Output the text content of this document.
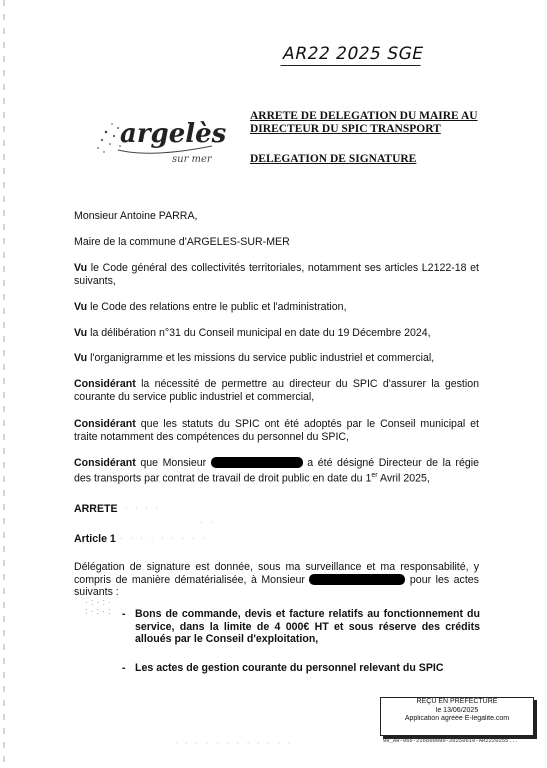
AR22 2025 SGE
argelès
sur mer
ARRETE DE DELEGATION DU MAIRE AU DIRECTEUR DU SPIC TRANSPORT
DELEGATION DE SIGNATURE
Monsieur Antoine PARRA,
Maire de la commune d'ARGELES-SUR-MER
Vu le Code général des collectivités territoriales, notamment ses articles L2122-18 et suivants,
Vu le Code des relations entre le public et l'administration,
Vu la délibération n°31 du Conseil municipal en date du 19 Décembre 2024,
Vu l'organigramme et les missions du service public industriel et commercial,
Considérant la nécessité de permettre au directeur du SPIC d'assurer la gestion courante du service public industriel et commercial,
Considérant que les statuts du SPIC ont été adoptés par le Conseil municipal et traite notamment des compétences du personnel du SPIC,
Considérant que Monsieur	a été désigné Directeur de la régie des transports par contrat de travail de droit public en date du 1er Avril 2025,
ARRETE	· · · ·
· ·
Article 1 · · · · · · · · ·
Délégation de signature est donnée, sous ma surveillance et ma responsabilité, y compris de manière dématérialisée, à Monsieur	pour les actes suivants :
·:·:·
:·:·: - Bons de commande, devis et facture relatifs au fonctionnement du service, dans la limite de 4 000€ HT et sous réserve des crédits alloués par le Conseil d'exploitation,
- Les actes de gestion courante du personnel relevant du SPIC
REÇU EN PREFECTURE
le 13/06/2025
Application agréée E-legalite.com
99_AR-066-216600080-20250610-AR2220255...
· · · · · · · · · · · ·
